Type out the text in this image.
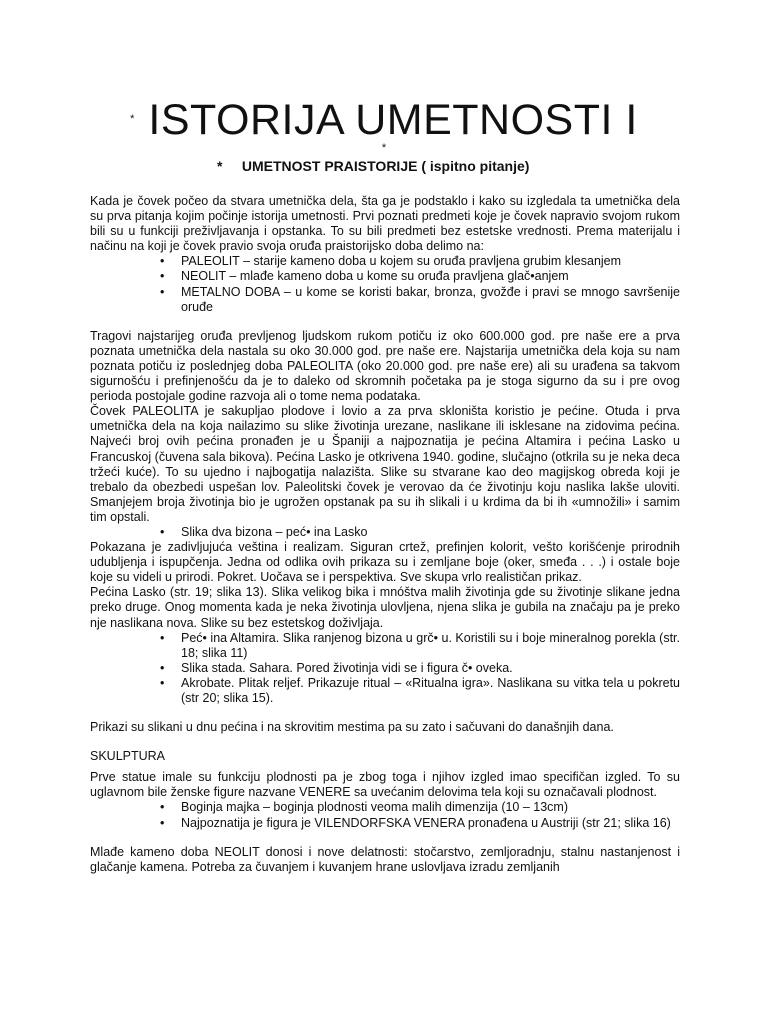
* ISTORIJA UMETNOSTI I
*
*     UMETNOST PRAISTORIJE ( ispitno pitanje)

Kada je čovek počeo da stvara umetnička dela, šta ga je podstaklo i kako su izgledala ta umetnička dela su prva pitanja kojim počinje istorija umetnosti. Prvi poznati predmeti koje je čovek napravio svojom rukom bili su u funkciji preživljavanja i opstanka. To su bili predmeti bez estetske vrednosti. Prema materijalu i načinu na koji je čovek pravio svoja oruđa praistorijsko doba delimo na:

• PALEOLIT – starije kameno doba u kojem su oruđa pravljena grubim klesanjem
• NEOLIT – mlađe kameno doba u kome su oruđa pravljena glač•anjem
• METALNO DOBA – u kome se koristi bakar, bronza, gvožđe i pravi se mnogo savršenije oruđe

Tragovi najstarijeg oruđa prevljenog ljudskom rukom potiču iz oko 600.000 god. pre naše ere a prva poznata umetnička dela nastala su oko 30.000 god. pre naše ere. Najstarija umetnička dela koja su nam poznata potiču iz poslednjeg doba PALEOLITA (oko 20.000 god. pre naše ere) ali su urađena sa takvom sigurnošću i prefinjenošću da je to daleko od skromnih početaka pa je stoga sigurno da su i pre ovog perioda postojale godine razvoja ali o tome nema podataka.

Čovek PALEOLITA je sakupljao plodove i lovio a za prva skloništa koristio je pećine. Otuda i prva umetnička dela na koja nailazimo su slike životinja urezane, naslikane ili isklesane na zidovima pećina. Najveći broj ovih pećina pronađen je u Španiji a najpoznatija je pećina Altamira i pećina Lasko u Francuskoj (čuvena sala bikova). Pećina Lasko je otkrivena 1940. godine, slučajno (otkrila su je neka deca tržeći kuće). To su ujedno i najbogatija nalazišta. Slike su stvarane kao deo magijskog obreda koji je trebalo da obezbedi uspešan lov. Paleolitski čovek je verovao da će životinju koju naslika lakše uloviti. Smanjejem broja životinja bio je ugrožen opstanak pa su ih slikali i u krdima da bi ih «umnožili» i samim tim opstali.

• Slika dva bizona – peć• ina Lasko

Pokazana je zadivljujuća veština i realizam. Siguran crtež, prefinjen kolorit, vešto korišćenje prirodnih udubljenja i ispupčenja. Jedna od odlika ovih prikaza su i zemljane boje (oker, smeđa . . .) i ostale boje koje su videli u prirodi. Pokret. Uočava se i perspektiva. Sve skupa vrlo realističan prikaz.

Pećina Lasko (str. 19; slika 13). Slika velikog bika i mnóštva malih životinja gde su životinje slikane jedna preko druge. Onog momenta kada je neka životinja ulovljena, njena slika je gubila na značaju pa je preko nje naslikana nova. Slike su bez estetskog doživljaja.

• Peć• ina Altamira. Slika ranjenog bizona u grč• u. Koristili su i boje mineralnog porekla (str. 18; slika 11)
• Slika stada. Sahara. Pored životinja vidi se i figura č• oveka.
• Akrobate. Plitak reljef. Prikazuje ritual – «Ritualna igra». Naslikana su vitka tela u pokretu (str 20; slika 15).

Prikazi su slikani u dnu pećina i na skrovitim mestima pa su zato i sačuvani do današnjih dana.

SKULPTURA

Prve statue imale su funkciju plodnosti pa je zbog toga i njihov izgled imao specifičan izgled. To su uglavnom bile ženske figure nazvane VENERE sa uvećanim delovima tela koji su označavali plodnost.

• Boginja majka – boginja plodnosti veoma malih dimenzija (10 – 13cm)
• Najpoznatija je figura je VILENDORFSKA VENERA pronađena u Austriji (str 21; slika 16)

Mlađe kameno doba NEOLIT donosi i nove delatnosti: stočarstvo, zemljoradnju, stalnu nastanjenost i glačanje kamena. Potreba za čuvanjem i kuvanjem hrane uslovljava izradu zemljanih
